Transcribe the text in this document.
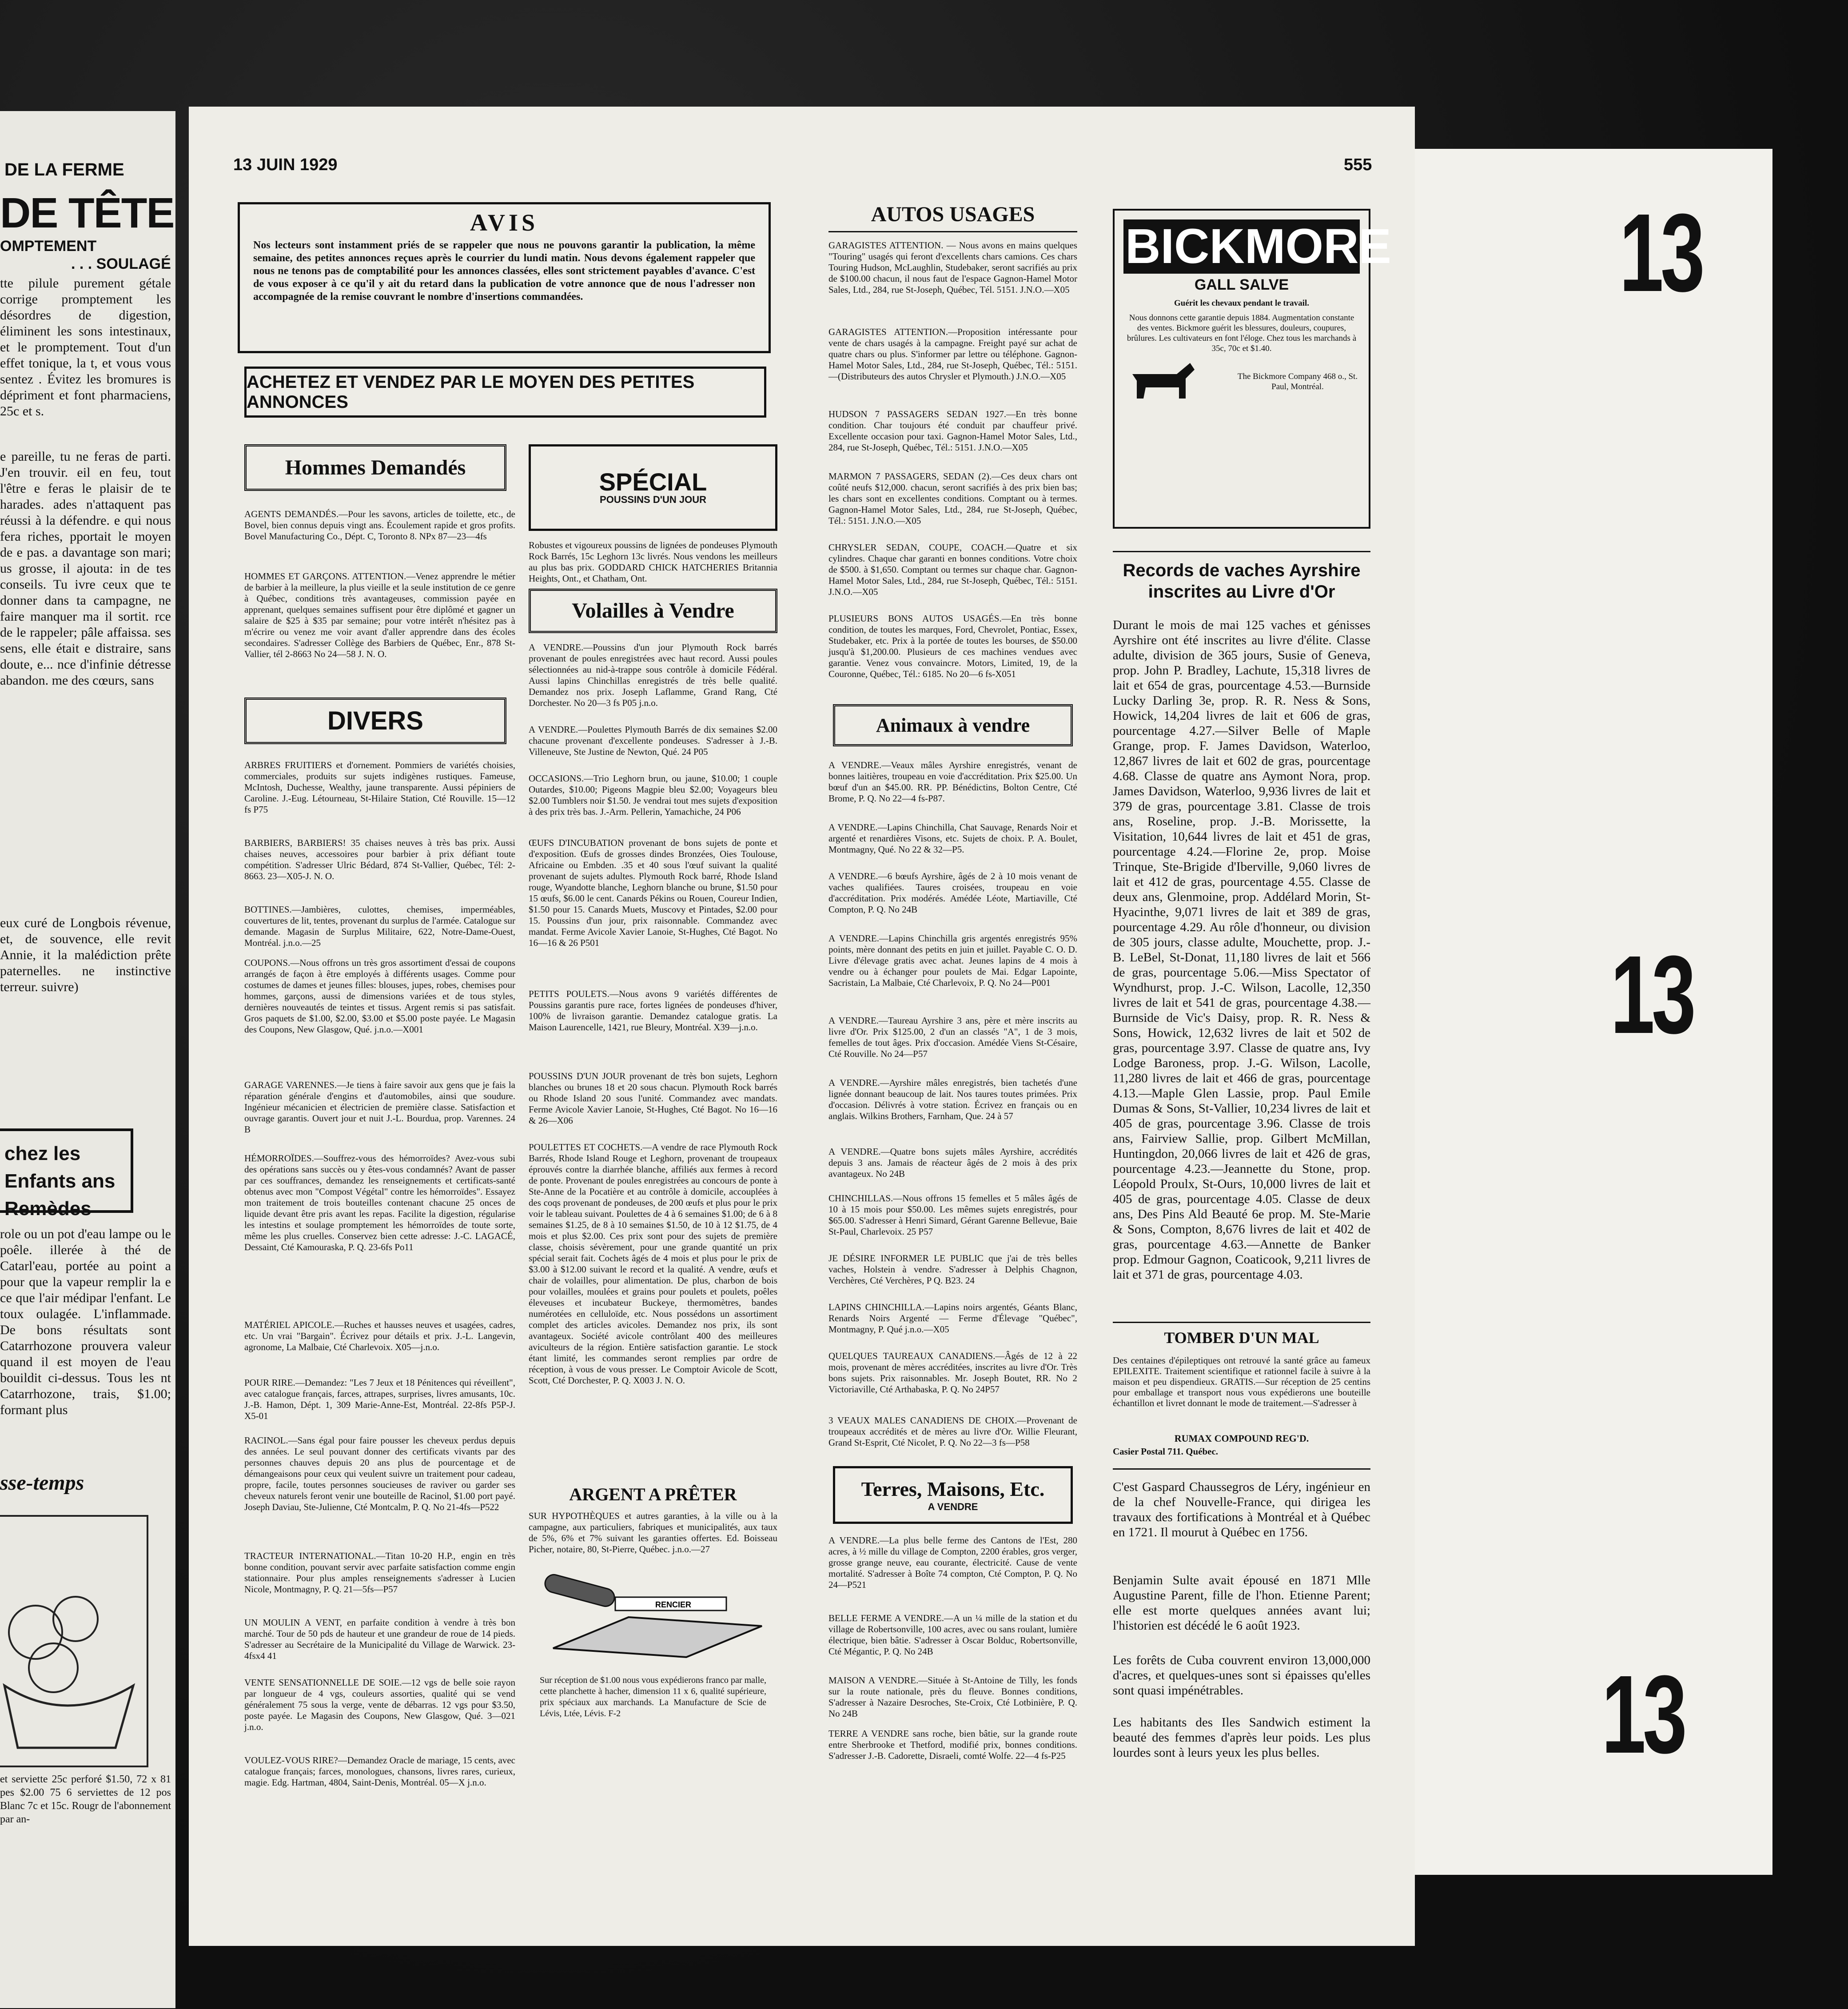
DE LA FERME
DE TÊTE
OMPTEMENT
. . . SOULAGÉ
tte pilule purement gétale corrige promptement les désordres de digestion, éliminent les sons intestinaux, et le promptement. Tout d'un effet tonique, la t, et vous vous sentez . Évitez les bromures is dépriment et font pharmaciens, 25c et s.
e pareille, tu ne feras de parti. J'en trouvir. eil en feu, tout l'être e feras le plaisir de te harades. ades n'attaquent pas réussi à la défendre. e qui nous fera riches, pportait le moyen de e pas. a davantage son mari; us grosse, il ajouta: in de tes conseils. Tu ivre ceux que te donner dans ta campagne, ne faire manquer ma il sortit. rce de le rappeler; pâle affaissa. ses sens, elle était e distraire, sans doute, e... nce d'infinie détresse abandon. me des cœurs, sans
eux curé de Longbois révenue, et, de souvence, elle revit Annie, it la malédiction prête paternelles. ne instinctive terreur. suivre)
chez les Enfants ans Remèdes
role ou un pot d'eau lampe ou le poêle. illerée à thé de Catarl'eau, portée au point a pour que la vapeur remplir la e ce que l'air médipar l'enfant. Le toux oulagée. L'inflammade. De bons résultats sont Catarrhozone prouvera valeur quand il est moyen de l'eau bouildit ci-dessus. Tous les nt Catarrhozone, trais, $1.00; formant plus
sse-temps
et serviette 25c perforé $1.50, 72 x 81 pes $2.00 75 6 serviettes de 12 pos Blanc 7c et 15c. Rougr de l'abonnement par an-
13 JUIN 1929	555
AVIS

Nos lecteurs sont instamment priés de se rappeler que nous ne pouvons garantir la publication, la même semaine, des petites annonces reçues après le courrier du lundi matin. Nous devons également rappeler que nous ne tenons pas de comptabilité pour les annonces classées, elles sont strictement payables d'avance. C'est de vous exposer à ce qu'il y ait du retard dans la publication de votre annonce que de nous l'adresser non accompagnée de la remise couvrant le nombre d'insertions commandées.

ACHETEZ ET VENDEZ PAR LE MOYEN DES PETITES ANNONCES
Hommes Demandés
AGENTS DEMANDÉS.—Pour les savons, articles de toilette, etc., de Bovel, bien connus depuis vingt ans. Écoulement rapide et gros profits. Bovel Manufacturing Co., Dépt. C, Toronto 8. NPx 87—23—4fs
HOMMES ET GARÇONS. ATTENTION.—Venez apprendre le métier de barbier à la meilleure, la plus vieille et la seule institution de ce genre à Québec, conditions très avantageuses, commission payée en apprenant, quelques semaines suffisent pour être diplômé et gagner un salaire de $25 à $35 par semaine; pour votre intérêt n'hésitez pas à m'écrire ou venez me voir avant d'aller apprendre dans des écoles secondaires. S'adresser Collège des Barbiers de Québec, Enr., 878 St-Vallier, tél 2-8663 No 24—58 J. N. O.
DIVERS
ARBRES FRUITIERS et d'ornement. Pommiers de variétés choisies, commerciales, produits sur sujets indigènes rustiques. Fameuse, McIntosh, Duchesse, Wealthy, jaune transparente. Aussi pépiniers de Caroline. J.-Eug. Létourneau, St-Hilaire Station, Cté Rouville. 15—12 fs P75
BARBIERS, BARBIERS! 35 chaises neuves à très bas prix. Aussi chaises neuves, accessoires pour barbier à prix défiant toute compétition. S'adresser Ulric Bédard, 874 St-Vallier, Québec, Tél: 2-8663. 23—X05-J. N. O.
BOTTINES.—Jambières, culottes, chemises, imperméables, couvertures de lit, tentes, provenant du surplus de l'armée. Catalogue sur demande. Magasin de Surplus Militaire, 622, Notre-Dame-Ouest, Montréal. j.n.o.—25
COUPONS.—Nous offrons un très gros assortiment d'essai de coupons arrangés de façon à être employés à différents usages. Comme pour costumes de dames et jeunes filles: blouses, jupes, robes, chemises pour hommes, garçons, aussi de dimensions variées et de tous styles, dernières nouveautés de teintes et tissus. Argent remis si pas satisfait. Gros paquets de $1.00, $2.00, $3.00 et $5.00 poste payée. Le Magasin des Coupons, New Glasgow, Qué. j.n.o.—X001
GARAGE VARENNES.—Je tiens à faire savoir aux gens que je fais la réparation générale d'engins et d'automobiles, ainsi que soudure. Ingénieur mécanicien et électricien de première classe. Satisfaction et ouvrage garantis. Ouvert jour et nuit J.-L. Bourdua, prop. Varennes. 24 B
HÉMORROÏDES.—Souffrez-vous des hémorroïdes? Avez-vous subi des opérations sans succès ou y êtes-vous condamnés? Avant de passer par ces souffrances, demandez les renseignements et certificats-santé obtenus avec mon "Compost Végétal" contre les hémorroïdes". Essayez mon traitement de trois bouteilles contenant chacune 25 onces de liquide devant être pris avant les repas. Facilite la digestion, régularise les intestins et soulage promptement les hémorroïdes de toute sorte, même les plus cruelles. Conservez bien cette adresse: J.-C. LAGACÉ, Dessaint, Cté Kamouraska, P. Q. 23-6fs Po11
MATÉRIEL APICOLE.—Ruches et hausses neuves et usagées, cadres, etc. Un vrai "Bargain". Écrivez pour détails et prix. J.-L. Langevin, agronome, La Malbaie, Cté Charlevoix. X05—j.n.o.
POUR RIRE.—Demandez: "Les 7 Jeux et 18 Pénitences qui réveillent", avec catalogue français, farces, attrapes, surprises, livres amusants, 10c. J.-B. Hamon, Dépt. 1, 309 Marie-Anne-Est, Montréal. 22-8fs P5P-J. X5-01
RACINOL.—Sans égal pour faire pousser les cheveux perdus depuis des années. Le seul pouvant donner des certificats vivants par des personnes chauves depuis 20 ans plus de pourcentage et de démangeaisons pour ceux qui veulent suivre un traitement pour cadeau, propre, facile, toutes personnes soucieuses de raviver ou garder ses cheveux naturels feront venir une bouteille de Racinol, $1.00 port payé. Joseph Daviau, Ste-Julienne, Cté Montcalm, P. Q. No 21-4fs—P522
TRACTEUR INTERNATIONAL.—Titan 10-20 H.P., engin en très bonne condition, pouvant servir avec parfaite satisfaction comme engin stationnaire. Pour plus amples renseignements s'adresser à Lucien Nicole, Montmagny, P. Q. 21—5fs—P57
UN MOULIN A VENT, en parfaite condition à vendre à très bon marché. Tour de 50 pds de hauteur et une grandeur de roue de 14 pieds. S'adresser au Secrétaire de la Municipalité du Village de Warwick. 23-4fsx4 41
VENTE SENSATIONNELLE DE SOIE.—12 vgs de belle soie rayon par longueur de 4 vgs, couleurs assorties, qualité qui se vend généralement 75 sous la verge, vente de débarras. 12 vgs pour $3.50, poste payée. Le Magasin des Coupons, New Glasgow, Qué. 3—021 j.n.o.
VOULEZ-VOUS RIRE?—Demandez Oracle de mariage, 15 cents, avec catalogue français; farces, monologues, chansons, livres rares, curieux, magie. Edg. Hartman, 4804, Saint-Denis, Montréal. 05—X j.n.o.
SPÉCIAL
POUSSINS D'UN JOUR
Robustes et vigoureux poussins de lignées de pondeuses Plymouth Rock Barrés, 15c Leghorn 13c livrés. Nous vendons les meilleurs au plus bas prix. GODDARD CHICK HATCHERIES Britannia Heights, Ont., et Chatham, Ont.
Volailles à Vendre
A VENDRE.—Poussins d'un jour Plymouth Rock barrés provenant de poules enregistrées avec haut record. Aussi poules sélectionnées au nid-à-trappe sous contrôle à domicile Fédéral. Aussi lapins Chinchillas enregistrés de très belle qualité. Demandez nos prix. Joseph Laflamme, Grand Rang, Cté Dorchester. No 20—3 fs P05 j.n.o.
A VENDRE.—Poulettes Plymouth Barrés de dix semaines $2.00 chacune provenant d'excellente pondeuses. S'adresser à J.-B. Villeneuve, Ste Justine de Newton, Qué. 24 P05
OCCASIONS.—Trio Leghorn brun, ou jaune, $10.00; 1 couple Outardes, $10.00; Pigeons Magpie bleu $2.00; Voyageurs bleu $2.00 Tumblers noir $1.50. Je vendrai tout mes sujets d'exposition à des prix très bas. J.-Arm. Pellerin, Yamachiche, 24 P06
ŒUFS D'INCUBATION provenant de bons sujets de ponte et d'exposition. Œufs de grosses dindes Bronzées, Oies Toulouse, Africaine ou Embden. .35 et 40 sous l'œuf suivant la qualité provenant de sujets adultes. Plymouth Rock barré, Rhode Island rouge, Wyandotte blanche, Leghorn blanche ou brune, $1.50 pour 15 œufs, $6.00 le cent. Canards Pékins ou Rouen, Coureur Indien, $1.50 pour 15. Canards Muets, Muscovy et Pintades, $2.00 pour 15. Poussins d'un jour, prix raisonnable. Commandez avec mandat. Ferme Avicole Xavier Lanoie, St-Hughes, Cté Bagot. No 16—16 & 26 P501
PETITS POULETS.—Nous avons 9 variétés différentes de Poussins garantis pure race, fortes lignées de pondeuses d'hiver, 100% de livraison garantie. Demandez catalogue gratis. La Maison Laurencelle, 1421, rue Bleury, Montréal. X39—j.n.o.
POUSSINS D'UN JOUR provenant de très bon sujets, Leghorn blanches ou brunes 18 et 20 sous chacun. Plymouth Rock barrés ou Rhode Island 20 sous l'unité. Commandez avec mandats. Ferme Avicole Xavier Lanoie, St-Hughes, Cté Bagot. No 16—16 & 26—X06
POULETTES ET COCHETS.—A vendre de race Plymouth Rock Barrés, Rhode Island Rouge et Leghorn, provenant de troupeaux éprouvés contre la diarrhée blanche, affiliés aux fermes à record de ponte. Provenant de poules enregistrées au concours de ponte à Ste-Anne de la Pocatière et au contrôle à domicile, accouplées à des coqs provenant de pondeuses, de 200 œufs et plus pour le prix voir le tableau suivant. Poulettes de 4 à 6 semaines $1.00; de 6 à 8 semaines $1.25, de 8 à 10 semaines $1.50, de 10 à 12 $1.75, de 4 mois et plus $2.00. Ces prix sont pour des sujets de première classe, choisis sévèrement, pour une grande quantité un prix spécial serait fait. Cochets âgés de 4 mois et plus pour le prix de $3.00 à $12.00 suivant le record et la qualité. A vendre, œufs et chair de volailles, pour alimentation. De plus, charbon de bois pour volailles, moulées et grains pour poulets et poulets, poêles éleveuses et incubateur Buckeye, thermomètres, bandes numérotées en celluloïde, etc. Nous possédons un assortiment complet des articles avicoles. Demandez nos prix, ils sont avantageux. Société avicole contrôlant 400 des meilleures aviculteurs de la région. Entière satisfaction garantie. Le stock étant limité, les commandes seront remplies par ordre de réception, à vous de vous presser. Le Comptoir Avicole de Scott, Scott, Cté Dorchester, P. Q. X003 J. N. O.
ARGENT A PRÊTER
SUR HYPOTHÈQUES et autres garanties, à la ville ou à la campagne, aux particuliers, fabriques et municipalités, aux taux de 5%, 6% et 7% suivant les garanties offertes. Ed. Boisseau Picher, notaire, 80, St-Pierre, Québec. j.n.o.—27
RENCIER
Sur réception de $1.00 nous vous expédierons franco par malle, cette planchette à hacher, dimension 11 x 6, qualité supérieure, prix spéciaux aux marchands. La Manufacture de Scie de Lévis, Ltée, Lévis. F-2
AUTOS USAGES
GARAGISTES ATTENTION. — Nous avons en mains quelques "Touring" usagés qui feront d'excellents chars camions. Ces chars Touring Hudson, McLaughlin, Studebaker, seront sacrifiés au prix de $100.00 chacun, il nous faut de l'espace Gagnon-Hamel Motor Sales, Ltd., 284, rue St-Joseph, Québec, Tél. 5151. J.N.O.—X05
GARAGISTES ATTENTION.—Proposition intéressante pour vente de chars usagés à la campagne. Freight payé sur achat de quatre chars ou plus. S'informer par lettre ou téléphone. Gagnon-Hamel Motor Sales, Ltd., 284, rue St-Joseph, Québec, Tél.: 5151.—(Distributeurs des autos Chrysler et Plymouth.) J.N.O.—X05
HUDSON 7 PASSAGERS SEDAN 1927.—En très bonne condition. Char toujours été conduit par chauffeur privé. Excellente occasion pour taxi. Gagnon-Hamel Motor Sales, Ltd., 284, rue St-Joseph, Québec, Tél.: 5151. J.N.O.—X05
MARMON 7 PASSAGERS, SEDAN (2).—Ces deux chars ont coûté neufs $12,000. chacun, seront sacrifiés à des prix bien bas; les chars sont en excellentes conditions. Comptant ou à termes. Gagnon-Hamel Motor Sales, Ltd., 284, rue St-Joseph, Québec, Tél.: 5151. J.N.O.—X05
CHRYSLER SEDAN, COUPE, COACH.—Quatre et six cylindres. Chaque char garanti en bonnes conditions. Votre choix de $500. à $1,650. Comptant ou termes sur chaque char. Gagnon-Hamel Motor Sales, Ltd., 284, rue St-Joseph, Québec, Tél.: 5151. J.N.O.—X05
PLUSIEURS BONS AUTOS USAGÉS.—En très bonne condition, de toutes les marques, Ford, Chevrolet, Pontiac, Essex, Studebaker, etc. Prix à la portée de toutes les bourses, de $50.00 jusqu'à $1,200.00. Plusieurs de ces machines vendues avec garantie. Venez vous convaincre. Motors, Limited, 19, de la Couronne, Québec, Tél.: 6185. No 20—6 fs-X051
Animaux à vendre
A VENDRE.—Veaux mâles Ayrshire enregistrés, venant de bonnes laitières, troupeau en voie d'accréditation. Prix $25.00. Un bœuf d'un an $45.00. RR. PP. Bénédictins, Bolton Centre, Cté Brome, P. Q. No 22—4 fs-P87.
A VENDRE.—Lapins Chinchilla, Chat Sauvage, Renards Noir et argenté et renardières Visons, etc. Sujets de choix. P. A. Boulet, Montmagny, Qué. No 22 & 32—P5.
A VENDRE.—6 bœufs Ayrshire, âgés de 2 à 10 mois venant de vaches qualifiées. Taures croisées, troupeau en voie d'accréditation. Prix modérés. Amédée Léote, Martiaville, Cté Compton, P. Q. No 24B
A VENDRE.—Lapins Chinchilla gris argentés enregistrés 95% points, mère donnant des petits en juin et juillet. Payable C. O. D. Livre d'élevage gratis avec achat. Jeunes lapins de 4 mois à vendre ou à échanger pour poulets de Mai. Edgar Lapointe, Sacristain, La Malbaie, Cté Charlevoix, P. Q. No 24—P001
A VENDRE.—Taureau Ayrshire 3 ans, père et mère inscrits au livre d'Or. Prix $125.00, 2 d'un an classés "A", 1 de 3 mois, femelles de tout âges. Prix d'occasion. Amédée Viens St-Césaire, Cté Rouville. No 24—P57
A VENDRE.—Ayrshire mâles enregistrés, bien tachetés d'une lignée donnant beaucoup de lait. Nos taures toutes primées. Prix d'occasion. Délivrés à votre station. Écrivez en français ou en anglais. Wilkins Brothers, Farnham, Que. 24 à 57
A VENDRE.—Quatre bons sujets mâles Ayrshire, accrédités depuis 3 ans. Jamais de réacteur âgés de 2 mois à des prix avantageux. No 24B
CHINCHILLAS.—Nous offrons 15 femelles et 5 mâles âgés de 10 à 15 mois pour $50.00. Les mêmes sujets enregistrés, pour $65.00. S'adresser à Henri Simard, Gérant Garenne Bellevue, Baie St-Paul, Charlevoix. 25 P57
JE DÉSIRE INFORMER LE PUBLIC que j'ai de très belles vaches, Holstein à vendre. S'adresser à Delphis Chagnon, Verchères, Cté Verchères, P Q. B23. 24
LAPINS CHINCHILLA.—Lapins noirs argentés, Géants Blanc, Renards Noirs Argenté — Ferme d'Élevage "Québec", Montmagny, P. Qué j.n.o.—X05
QUELQUES TAUREAUX CANADIENS.—Âgés de 12 à 22 mois, provenant de mères accréditées, inscrites au livre d'Or. Très bons sujets. Prix raisonnables. Mr. Joseph Boutet, RR. No 2 Victoriaville, Cté Arthabaska, P. Q. No 24P57
3 VEAUX MALES CANADIENS DE CHOIX.—Provenant de troupeaux accrédités et de mères au livre d'Or. Willie Fleurant, Grand St-Esprit, Cté Nicolet, P. Q. No 22—3 fs—P58
Terres, Maisons, Etc.
A VENDRE
A VENDRE.—La plus belle ferme des Cantons de l'Est, 280 acres, à ½ mille du village de Compton, 2200 érables, gros verger, grosse grange neuve, eau courante, électricité. Cause de vente mortalité. S'adresser à Boîte 74 compton, Cté Compton, P. Q. No 24—P521
BELLE FERME A VENDRE.—A un ¼ mille de la station et du village de Robertsonville, 100 acres, avec ou sans roulant, lumière électrique, bien bâtie. S'adresser à Oscar Bolduc, Robertsonville, Cté Mégantic, P. Q. No 24B
MAISON A VENDRE.—Située à St-Antoine de Tilly, les fonds sur la route nationale, près du fleuve. Bonnes conditions, S'adresser à Nazaire Desroches, Ste-Croix, Cté Lotbinière, P. Q. No 24B
TERRE A VENDRE sans roche, bien bâtie, sur la grande route entre Sherbrooke et Thetford, modifié prix, bonnes conditions. S'adresser J.-B. Cadorette, Disraeli, comté Wolfe. 22—4 fs-P25
BICKMORE
GALL SALVE
Guérit les chevaux pendant le travail.
Nous donnons cette garantie depuis 1884. Augmentation constante des ventes. Bickmore guérit les blessures, douleurs, coupures, brûlures. Les cultivateurs en font l'éloge. Chez tous les marchands à 35c, 70c et $1.40.
The Bickmore Company 468 o., St. Paul, Montréal.
Records de vaches Ayrshire inscrites au Livre d'Or
Durant le mois de mai 125 vaches et génisses Ayrshire ont été inscrites au livre d'élite. Classe adulte, division de 365 jours, Susie of Geneva, prop. John P. Bradley, Lachute, 15,318 livres de lait et 654 de gras, pourcentage 4.53.—Burnside Lucky Darling 3e, prop. R. R. Ness & Sons, Howick, 14,204 livres de lait et 606 de gras, pourcentage 4.27.—Silver Belle of Maple Grange, prop. F. James Davidson, Waterloo, 12,867 livres de lait et 602 de gras, pourcentage 4.68. Classe de quatre ans Aymont Nora, prop. James Davidson, Waterloo, 9,936 livres de lait et 379 de gras, pourcentage 3.81. Classe de trois ans, Roseline, prop. J.-B. Morissette, la Visitation, 10,644 livres de lait et 451 de gras, pourcentage 4.24.—Florine 2e, prop. Moise Trinque, Ste-Brigide d'Iberville, 9,060 livres de lait et 412 de gras, pourcentage 4.55. Classe de deux ans, Glenmoine, prop. Addélard Morin, St-Hyacinthe, 9,071 livres de lait et 389 de gras, pourcentage 4.29. Au rôle d'honneur, ou division de 305 jours, classe adulte, Mouchette, prop. J.-B. LeBel, St-Donat, 11,180 livres de lait et 566 de gras, pourcentage 5.06.—Miss Spectator of Wyndhurst, prop. J.-C. Wilson, Lacolle, 12,350 livres de lait et 541 de gras, pourcentage 4.38.—Burnside de Vic's Daisy, prop. R. R. Ness & Sons, Howick, 12,632 livres de lait et 502 de gras, pourcentage 3.97. Classe de quatre ans, Ivy Lodge Baroness, prop. J.-G. Wilson, Lacolle, 11,280 livres de lait et 466 de gras, pourcentage 4.13.—Maple Glen Lassie, prop. Paul Emile Dumas & Sons, St-Vallier, 10,234 livres de lait et 405 de gras, pourcentage 3.96. Classe de trois ans, Fairview Sallie, prop. Gilbert McMillan, Huntingdon, 20,066 livres de lait et 426 de gras, pourcentage 4.23.—Jeannette du Stone, prop. Léopold Proulx, St-Ours, 10,000 livres de lait et 405 de gras, pourcentage 4.05. Classe de deux ans, Des Pins Ald Beauté 6e prop. M. Ste-Marie & Sons, Compton, 8,676 livres de lait et 402 de gras, pourcentage 4.63.—Annette de Banker prop. Edmour Gagnon, Coaticook, 9,211 livres de lait et 371 de gras, pourcentage 4.03.
TOMBER D'UN MAL
Des centaines d'épileptiques ont retrouvé la santé grâce au fameux EPILEXITE. Traitement scientifique et rationnel facile à suivre à la maison et peu dispendieux. GRATIS.—Sur réception de 25 centins pour emballage et transport nous vous expédierons une bouteille échantillon et livret donnant le mode de traitement.—S'adresser à
RUMAX COMPOUND REG'D.
Casier Postal 711. Québec.
C'est Gaspard Chaussegros de Léry, ingénieur en de la chef Nouvelle-France, qui dirigea les travaux des fortifications à Montréal et à Québec en 1721. Il mourut à Québec en 1756.
Benjamin Sulte avait épousé en 1871 Mlle Augustine Parent, fille de l'hon. Etienne Parent; elle est morte quelques années avant lui; l'historien est décédé le 6 août 1923.
Les forêts de Cuba couvrent environ 13,000,000 d'acres, et quelques-unes sont si épaisses qu'elles sont quasi impénétrables.
Les habitants des Iles Sandwich estiment la beauté des femmes d'après leur poids. Les plus lourdes sont à leurs yeux les plus belles.
13
13
13
